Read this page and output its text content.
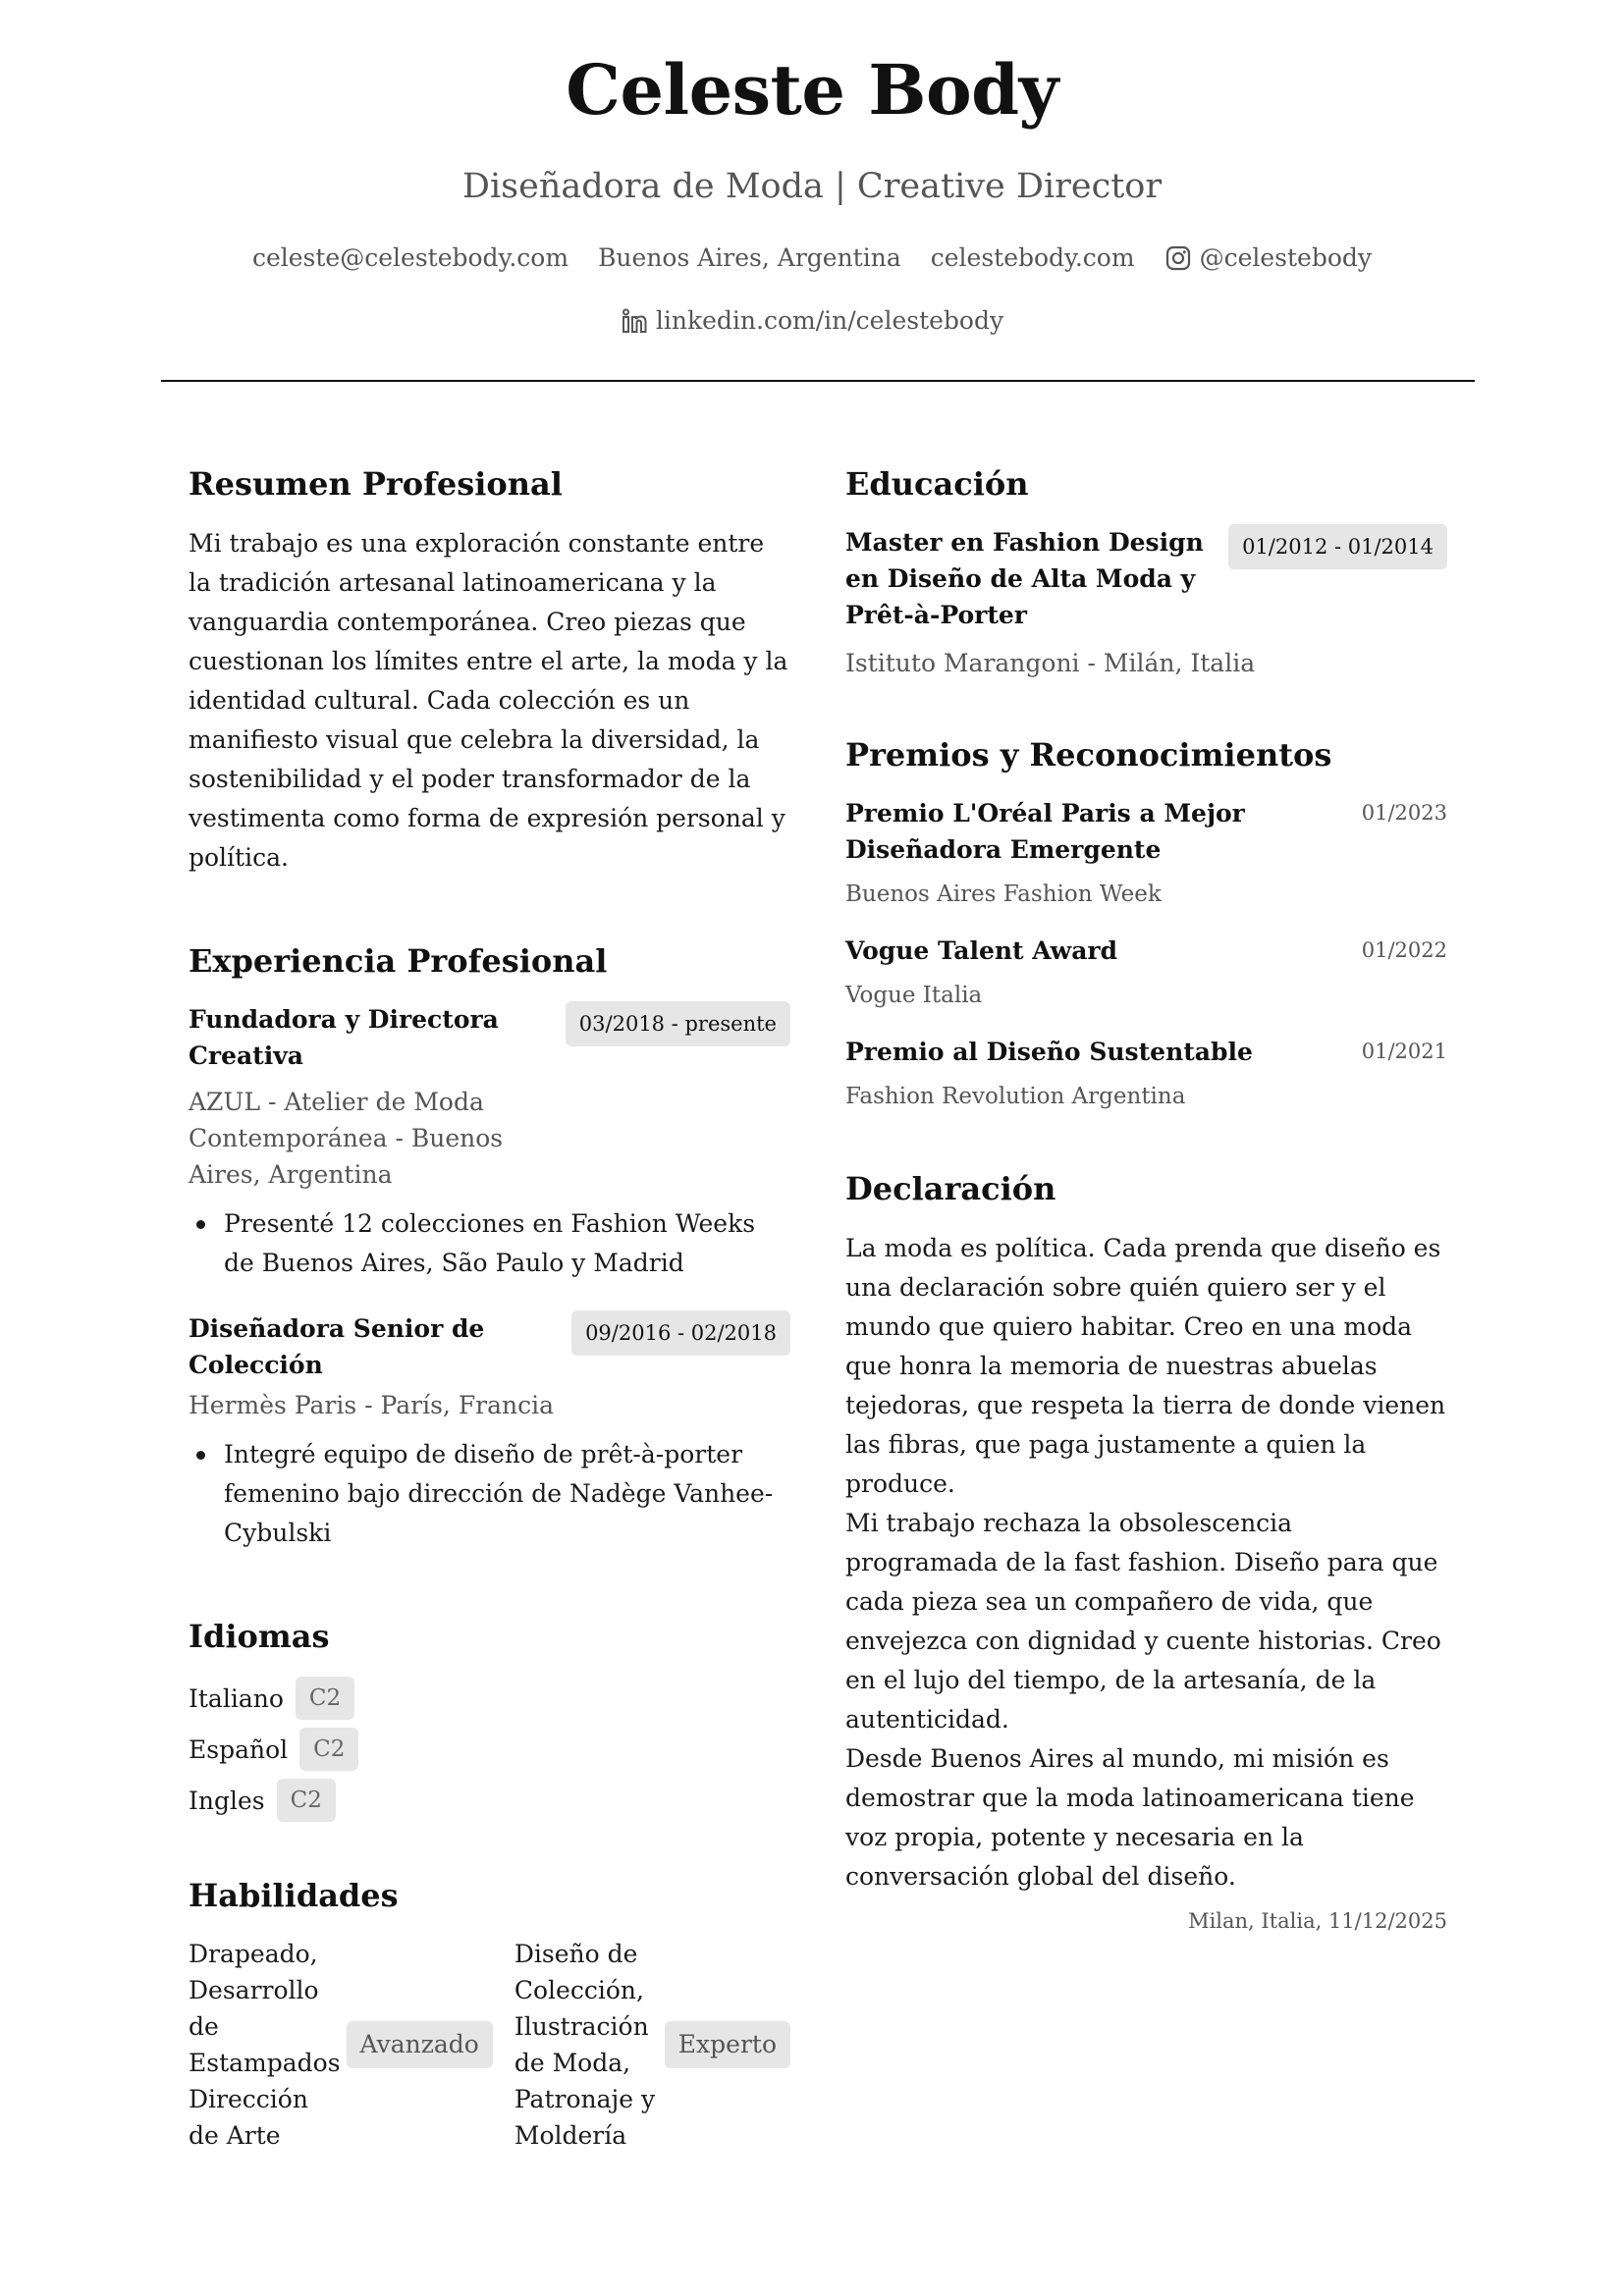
Celeste Body
Diseñadora de Moda | Creative Director
celeste@celestebody.com Buenos Aires, Argentina celestebody.com	@celestebody
linkedin.com/in/celestebody
Resumen Profesional
Mi trabajo es una exploración constante entre la tradición artesanal latinoamericana y la vanguardia contemporánea. Creo piezas que cuestionan los límites entre el arte, la moda y la identidad cultural. Cada colección es un manifiesto visual que celebra la diversidad, la sostenibilidad y el poder transformador de la vestimenta como forma de expresión personal y política.
Experiencia Profesional
Fundadora y Directora Creativa
03/2018 - presente
AZUL - Atelier de Moda Contemporánea - Buenos Aires, Argentina
Presenté 12 colecciones en Fashion Weeks de Buenos Aires, São Paulo y Madrid
Diseñadora Senior de Colección
09/2016 - 02/2018
Hermès Paris - París, Francia
Integré equipo de diseño de prêt-à-porter femenino bajo dirección de Nadège Vanhee-Cybulski
Idiomas
Italiano	C2
Español	C2
Ingles	C2
Habilidades
Drapeado, Desarrollo de Estampados Dirección de Arte
Avanzado
Diseño de Colección, Ilustración de Moda, Patronaje y Moldería
Experto
Educación
Master en Fashion Design en Diseño de Alta Moda y Prêt-à-Porter
01/2012 - 01/2014
Istituto Marangoni - Milán, Italia
Premios y Reconocimientos
Premio L'Oréal Paris a Mejor Diseñadora Emergente
01/2023
Buenos Aires Fashion Week
Vogue Talent Award	01/2022
Vogue Italia
Premio al Diseño Sustentable	01/2021
Fashion Revolution Argentina
Declaración
La moda es política. Cada prenda que diseño es una declaración sobre quién quiero ser y el mundo que quiero habitar. Creo en una moda que honra la memoria de nuestras abuelas tejedoras, que respeta la tierra de donde vienen las fibras, que paga justamente a quien la produce.
Mi trabajo rechaza la obsolescencia programada de la fast fashion. Diseño para que cada pieza sea un compañero de vida, que envejezca con dignidad y cuente historias. Creo en el lujo del tiempo, de la artesanía, de la autenticidad.
Desde Buenos Aires al mundo, mi misión es demostrar que la moda latinoamericana tiene voz propia, potente y necesaria en la conversación global del diseño.
Milan, Italia, 11/12/2025
